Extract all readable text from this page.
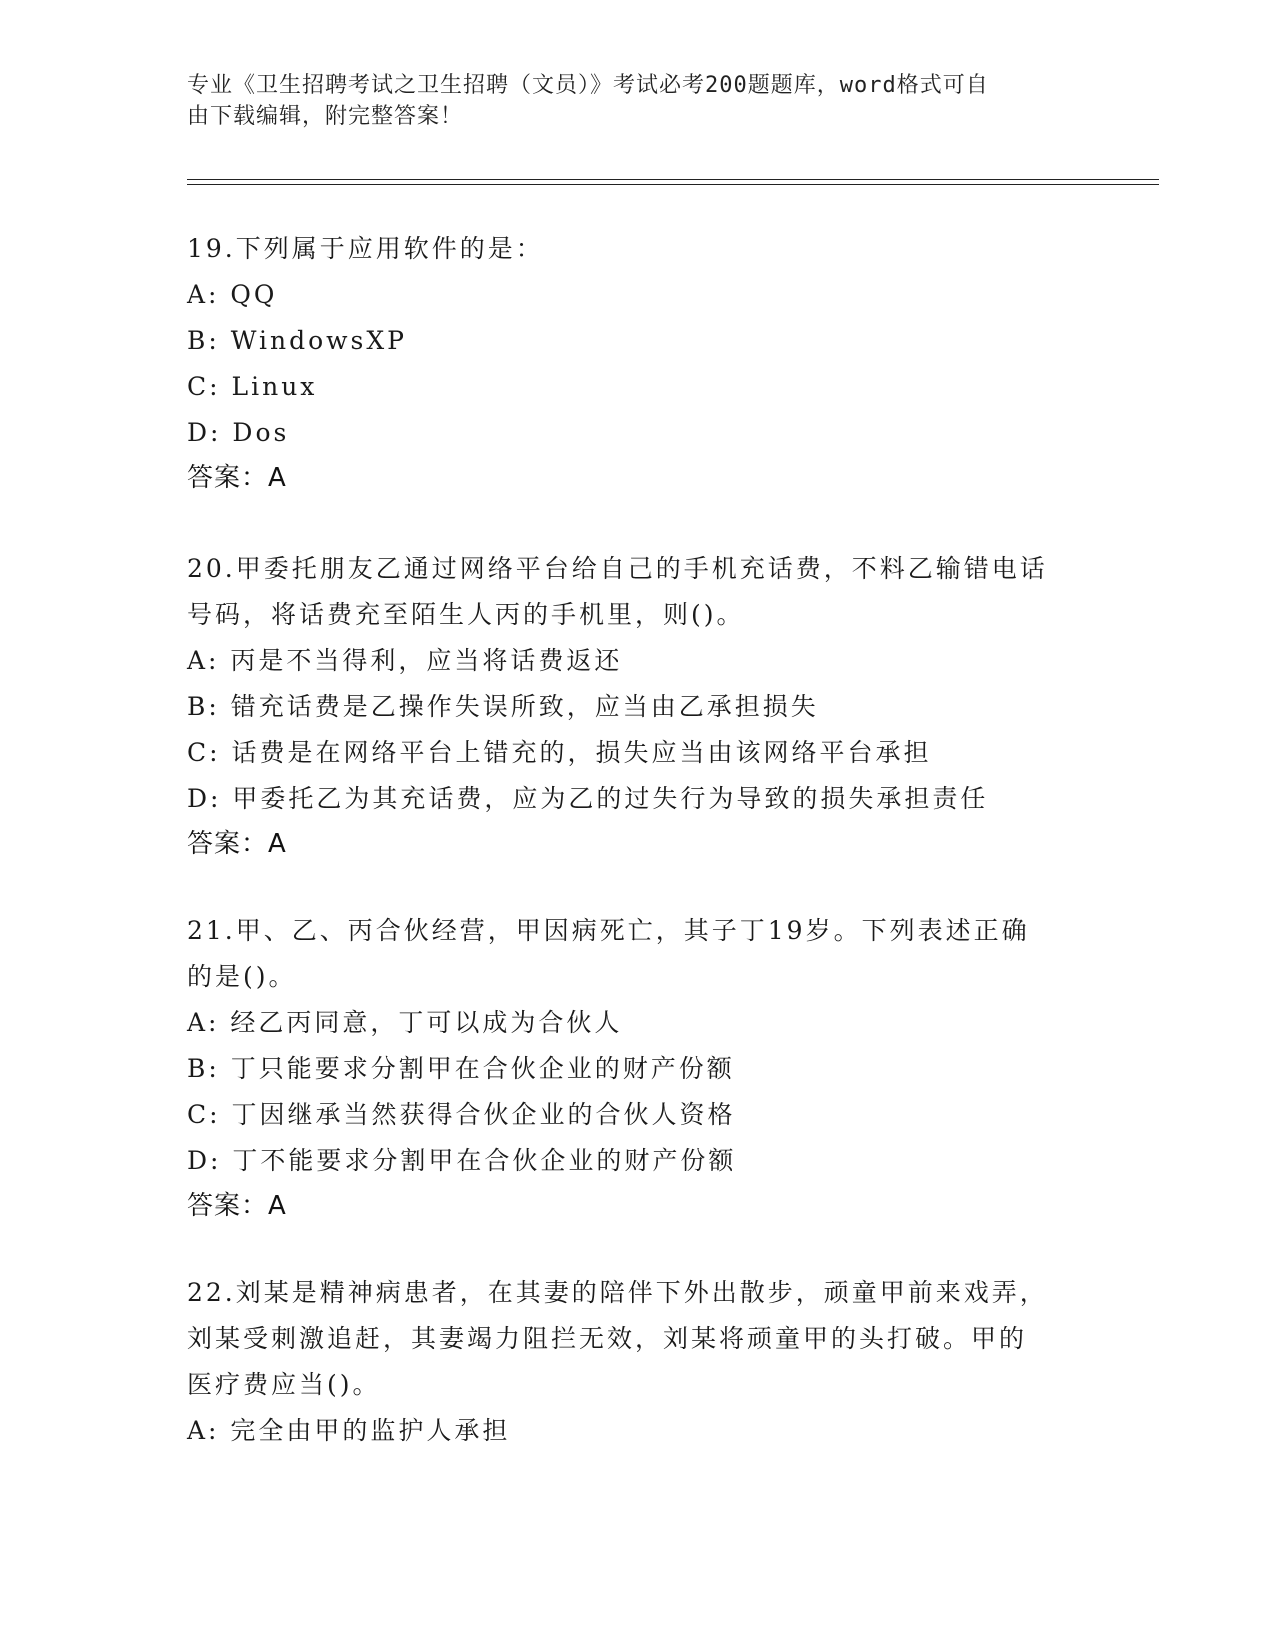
专业《卫生招聘考试之卫生招聘（文员）》考试必考200题题库，word格式可自
由下载编辑，附完整答案！
19.下列属于应用软件的是：
A: QQ
B: WindowsXP
C: Linux
D: Dos
答案：A
20.甲委托朋友乙通过网络平台给自己的手机充话费，不料乙输错电话
号码，将话费充至陌生人丙的手机里，则()。
A: 丙是不当得利，应当将话费返还
B: 错充话费是乙操作失误所致，应当由乙承担损失
C: 话费是在网络平台上错充的，损失应当由该网络平台承担
D: 甲委托乙为其充话费，应为乙的过失行为导致的损失承担责任
答案：A
21.甲、乙、丙合伙经营，甲因病死亡，其子丁19岁。下列表述正确
的是()。
A: 经乙丙同意，丁可以成为合伙人
B: 丁只能要求分割甲在合伙企业的财产份额
C: 丁因继承当然获得合伙企业的合伙人资格
D: 丁不能要求分割甲在合伙企业的财产份额
答案：A
22.刘某是精神病患者，在其妻的陪伴下外出散步，顽童甲前来戏弄，
刘某受刺激追赶，其妻竭力阻拦无效，刘某将顽童甲的头打破。甲的
医疗费应当()。
A: 完全由甲的监护人承担
